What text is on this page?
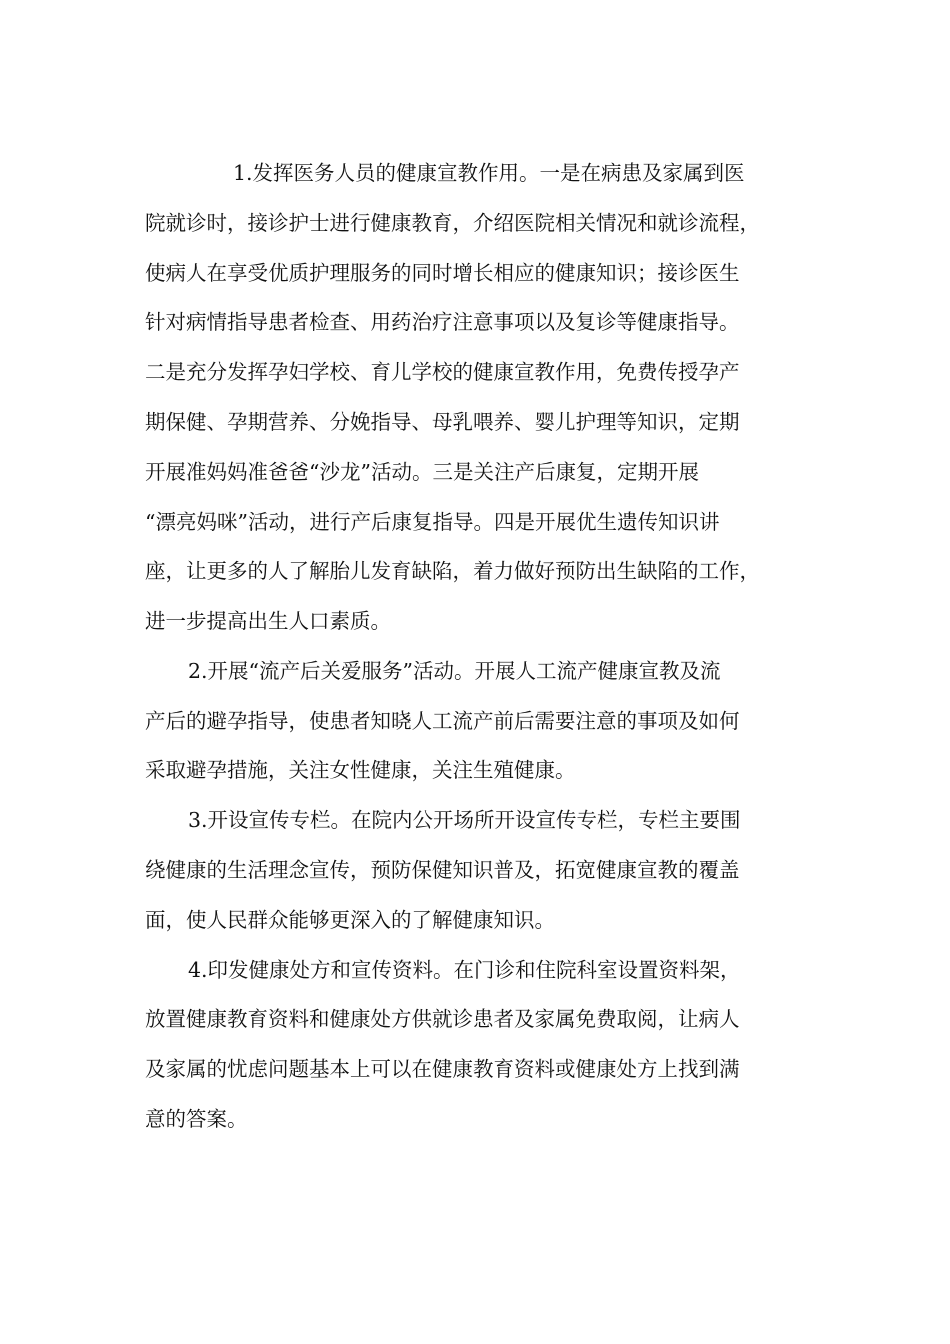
1.发挥医务人员的健康宣教作用。一是在病患及家属到医

院就诊时，接诊护士进行健康教育，介绍医院相关情况和就诊流程，

使病人在享受优质护理服务的同时增长相应的健康知识；接诊医生

针对病情指导患者检查、用药治疗注意事项以及复诊等健康指导。

二是充分发挥孕妇学校、育儿学校的健康宣教作用，免费传授孕产

期保健、孕期营养、分娩指导、母乳喂养、婴儿护理等知识，定期

开展准妈妈准爸爸“沙龙”活动。三是关注产后康复，定期开展

“漂亮妈咪”活动，进行产后康复指导。四是开展优生遗传知识讲

座，让更多的人了解胎儿发育缺陷，着力做好预防出生缺陷的工作，

进一步提高出生人口素质。

2.开展“流产后关爱服务”活动。开展人工流产健康宣教及流

产后的避孕指导，使患者知晓人工流产前后需要注意的事项及如何

采取避孕措施，关注女性健康，关注生殖健康。

3.开设宣传专栏。在院内公开场所开设宣传专栏，专栏主要围

绕健康的生活理念宣传，预防保健知识普及，拓宽健康宣教的覆盖

面，使人民群众能够更深入的了解健康知识。

4.印发健康处方和宣传资料。在门诊和住院科室设置资料架，

放置健康教育资料和健康处方供就诊患者及家属免费取阅，让病人

及家属的忧虑问题基本上可以在健康教育资料或健康处方上找到满

意的答案。
